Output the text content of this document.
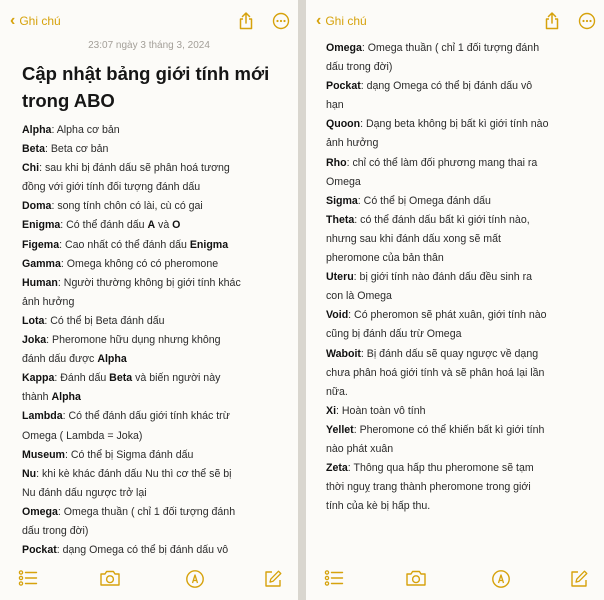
‹ Ghi chú
23:07 ngày 3 tháng 3, 2024
Cập nhật bảng giới tính mới trong ABO
Alpha: Alpha cơ bản
Beta: Beta cơ bản
Chi: sau khi bị đánh dấu sẽ phân hoá tương
đồng với giới tính đối tượng đánh dấu
Doma: song tính chôn có lài, cù có gai
Enigma: Có thể đánh dấu A và O
Figema: Cao nhất có thể đánh dấu Enigma
Gamma: Omega không có có pheromone
Human: Người thường không bị giới tính khác
ảnh hưởng
Lota: Có thể bị Beta đánh dấu
Joka: Pheromone hữu dụng nhưng không
đánh dấu được Alpha
Kappa: Đánh dấu Beta và biến người này
thành Alpha
Lambda: Có thể đánh dấu giới tính khác trừ
Omega ( Lambda = Joka)
Museum: Có thể bị Sigma đánh dấu
Nu: khi kè khác đánh dấu Nu thì cơ thể sẽ bị
Nu đánh dấu ngược trở lại
Omega: Omega thuần ( chỉ 1 đối tượng đánh
dấu trong đời)
Pockat: dạng Omega có thể bị đánh dấu vô
‹ Ghi chú
Omega: Omega thuần ( chỉ 1 đối tượng đánh
dấu trong đời)
Pockat: dạng Omega có thể bị đánh dấu vô
hạn
Quoon: Dạng beta không bị bất kì giới tính nào
ảnh hưởng
Rho: chỉ có thể làm đối phương mang thai ra
Omega
Sigma: Có thể bị Omega đánh dấu
Theta: có thể đánh dấu bất kì giới tính nào,
nhưng sau khi đánh dấu xong sẽ mất
pheromone của bản thân
Uteru: bị giới tính nào đánh dấu đều sinh ra
con là Omega
Void: Có pheromon sẽ phát xuân, giới tính nào
cũng bị đánh dấu trừ Omega
Waboit: Bị đánh dấu sẽ quay ngược về dạng
chưa phân hoá giới tính và sẽ phân hoá lại lần
nữa.
Xi: Hoàn toàn vô tính
Yellet: Pheromone có thể khiến bất kì giới tính
nào phát xuân
Zeta: Thông qua hấp thu pheromone sẽ tạm
thời nguỵ trang thành pheromone trong giới
tính của kè bị hấp thu.
